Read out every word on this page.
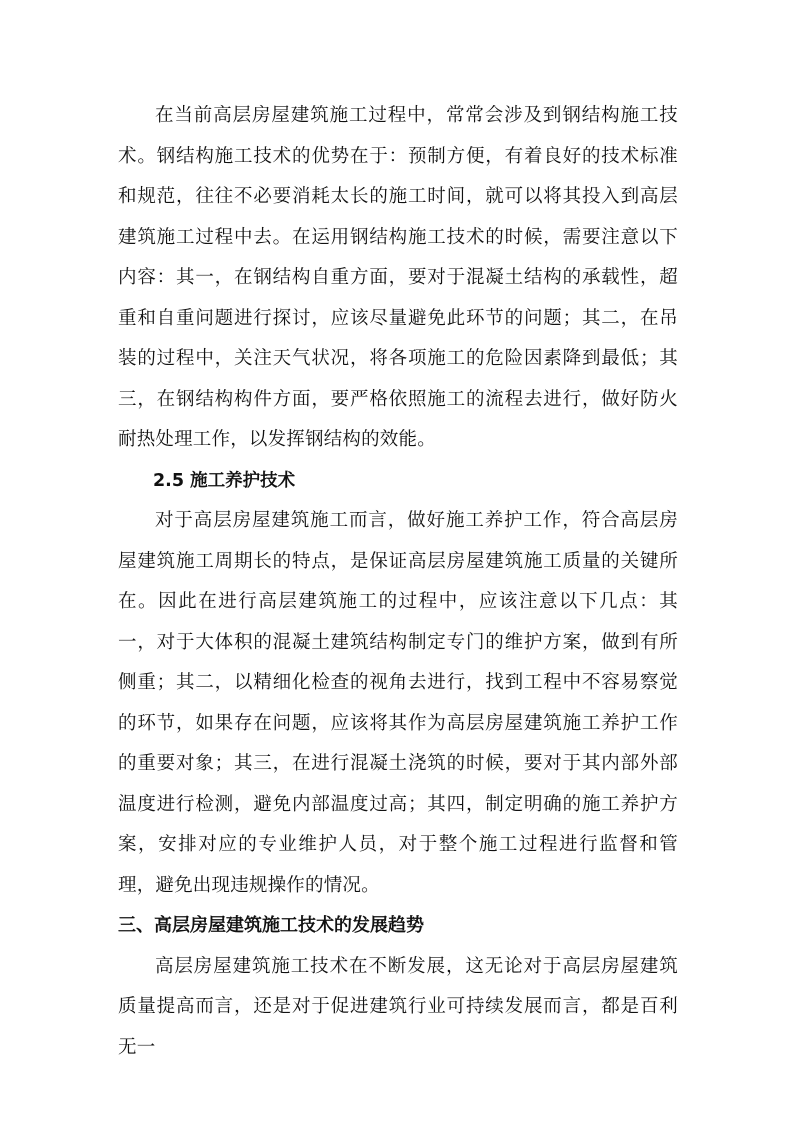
在当前高层房屋建筑施工过程中，常常会涉及到钢结构施工技术。钢结构施工技术的优势在于：预制方便，有着良好的技术标准和规范，往往不必要消耗太长的施工时间，就可以将其投入到高层建筑施工过程中去。在运用钢结构施工技术的时候，需要注意以下内容：其一，在钢结构自重方面，要对于混凝土结构的承载性，超重和自重问题进行探讨，应该尽量避免此环节的问题；其二，在吊装的过程中，关注天气状况，将各项施工的危险因素降到最低；其三，在钢结构构件方面，要严格依照施工的流程去进行，做好防火耐热处理工作，以发挥钢结构的效能。

2.5 施工养护技术

对于高层房屋建筑施工而言，做好施工养护工作，符合高层房屋建筑施工周期长的特点，是保证高层房屋建筑施工质量的关键所在。因此在进行高层建筑施工的过程中，应该注意以下几点：其一，对于大体积的混凝土建筑结构制定专门的维护方案，做到有所侧重；其二，以精细化检查的视角去进行，找到工程中不容易察觉的环节，如果存在问题，应该将其作为高层房屋建筑施工养护工作的重要对象；其三，在进行混凝土浇筑的时候，要对于其内部外部温度进行检测，避免内部温度过高；其四，制定明确的施工养护方案，安排对应的专业维护人员，对于整个施工过程进行监督和管理，避免出现违规操作的情况。

三、高层房屋建筑施工技术的发展趋势

高层房屋建筑施工技术在不断发展，这无论对于高层房屋建筑质量提高而言，还是对于促进建筑行业可持续发展而言，都是百利无一
